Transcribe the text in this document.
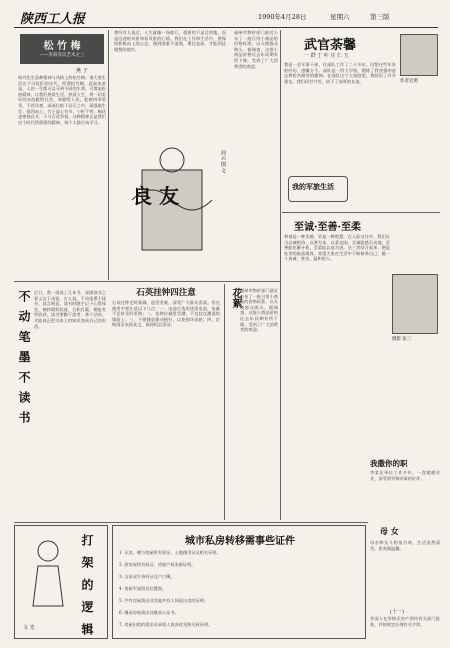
陕西工人报	1990年4月28日	星期六	第三版
松 竹 梅
——夹叙夹议艺术之三
燕 子
保丹先生品种精神与风格上的松竹梅。诸大家生活在不可抗拒的年代，所谓松竹梅，此说来甚是，人的一生都可以寻到不同的生命，可谓是松柏精神，让我们热爱生活，热爱人生，将一切美好的东西献给社会，奉献给人民。松树四季常青，不畏风寒，深深扎根于岩石之中，顽强地生存，蓬勃向上；竹子虚心有节，宁折不弯；梅花凌寒独自开，不与百花争春。这种精神正是我们这个时代所需要的精神，每个人都应该学习。
不 动 笔 墨 不 读 书 近日，我一再读了几本书，深感读书之要义在于动笔。古人说，不动笔墨不读书，此言极是。读书时随手记下心得体会，摘抄精彩段落，日积月累，便能有所收获。读书要勤于思考，善于总结，才能真正把书本上的知识变成自己的东西。
曾经有人说过，人生就像一场旅行，重要的不是目的地，而是沿途的风景和看风景的心情。我们在工作和生活中，要保持积极向上的心态，遇到困难不退缩，勇往直前，才能到达理想的彼岸。
良 友
何云 图 文
石英挂钟四注意
石英挂钟走时准确，造型美观，深受广大群众喜爱。但在使用中要注意以下几点：一、电池应选用优质电池，电量不足时及时更换；二、挂钟应避免受潮，不宜挂在潮湿的墙面上；三、不要随意拨动指针，以免损坏齿轮；四、定期清洁表面灰尘，保持机芯清洁。
花絮 福州市物价部门最近公布了一批日用小商品的价格标准，以方便群众购买。据调查，这批小商品价格比去年同期有所下降，受到了广大消费者的欢迎。
福州市物价部门最近公布了一批日用小商品的价格标准，以方便群众购买。据调查，这批小商品价格比去年同期有所下降，受到了广大消费者的欢迎。
武官荼馨
一 群 丁 叶 庄 仁 玉
作者近照
我是一名军事干部，在部队工作了二十多年。回想这些年来的经历，感慨万千。部队是一所大学校，锻炼了我坚强的意志和吃苦耐劳的精神。在部队这个大家庭里，我结识了许多战友，我们同甘共苦，结下了深厚的友谊。
我的军旅生活
至诚·至善·至柔
和谐是一种美德，更是一种智慧。在人际交往中，我们应当以诚相待，以善为本，以柔克刚。至诚能感天动地，至善能化解矛盾，至柔能以退为进。这三者结合起来，便是处世的最高境界。希望大家在生活中不断修养自己，做一个真诚、善良、温和的人。
摄影 张三
我撒你的职
李某在单位工作多年，一直兢兢业业，深受领导和同事的好评。
母 女
母亲和女儿相依为命，生活虽然清苦，但充满温馨。
打 架 的 逻 辑
文 光
城市私房转移需事些证件
1. 买卖、赠与房屋所有权证、土地使用证及相关证明。
2. 原房屋所有权证，房屋产权来源证明。
3. 交易双方身份证及户口簿。
4. 房屋平面图及位置图。
5. 共有房屋需出具其他共有人同意出卖的证明。
6. 继承房屋需出具继承公证书。
7. 房屋出租的需出具承租人放弃优先购买权证明。
(十一)
外国人在华购买房产须经有关部门批准，并按规定办理有关手续。
